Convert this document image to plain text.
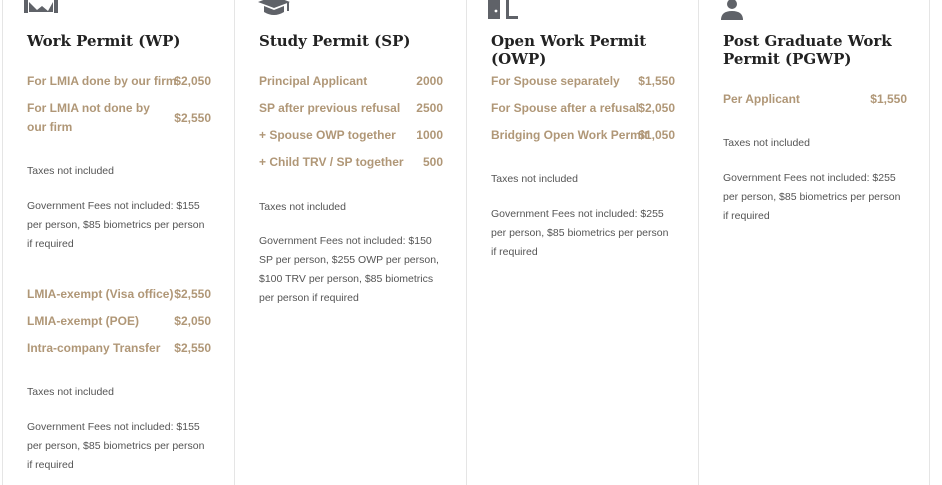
Work Permit (WP)
For LMIA done by our firm
$2,050
For LMIA not done by our firm
$2,550
Taxes not included
Government Fees not included: $155 per person, $85 biometrics per person if required
LMIA-exempt (Visa office) $2,550
LMIA-exempt (POE)	$2,050
Intra-company Transfer $2,550
Taxes not included
Government Fees not included: $155 per person, $85 biometrics per person if required
Study Permit (SP)
Principal Applicant	2000
SP after previous refusal 2500
+ Spouse OWP together 1000
+ Child TRV / SP together 500
Taxes not included
Government Fees not included: $150 SP per person, $255 OWP per person, $100 TRV per person, $85 biometrics per person if required
Open Work Permit (OWP)
For Spouse separately $1,550
For Spouse after a refusal $2,050
Bridging Open Work Permit
$1,050
Taxes not included
Government Fees not included: $255 per person, $85 biometrics per person if required
Post Graduate Work Permit (PGWP)
Per Applicant	$1,550
Taxes not included
Government Fees not included: $255 per person, $85 biometrics per person if required
